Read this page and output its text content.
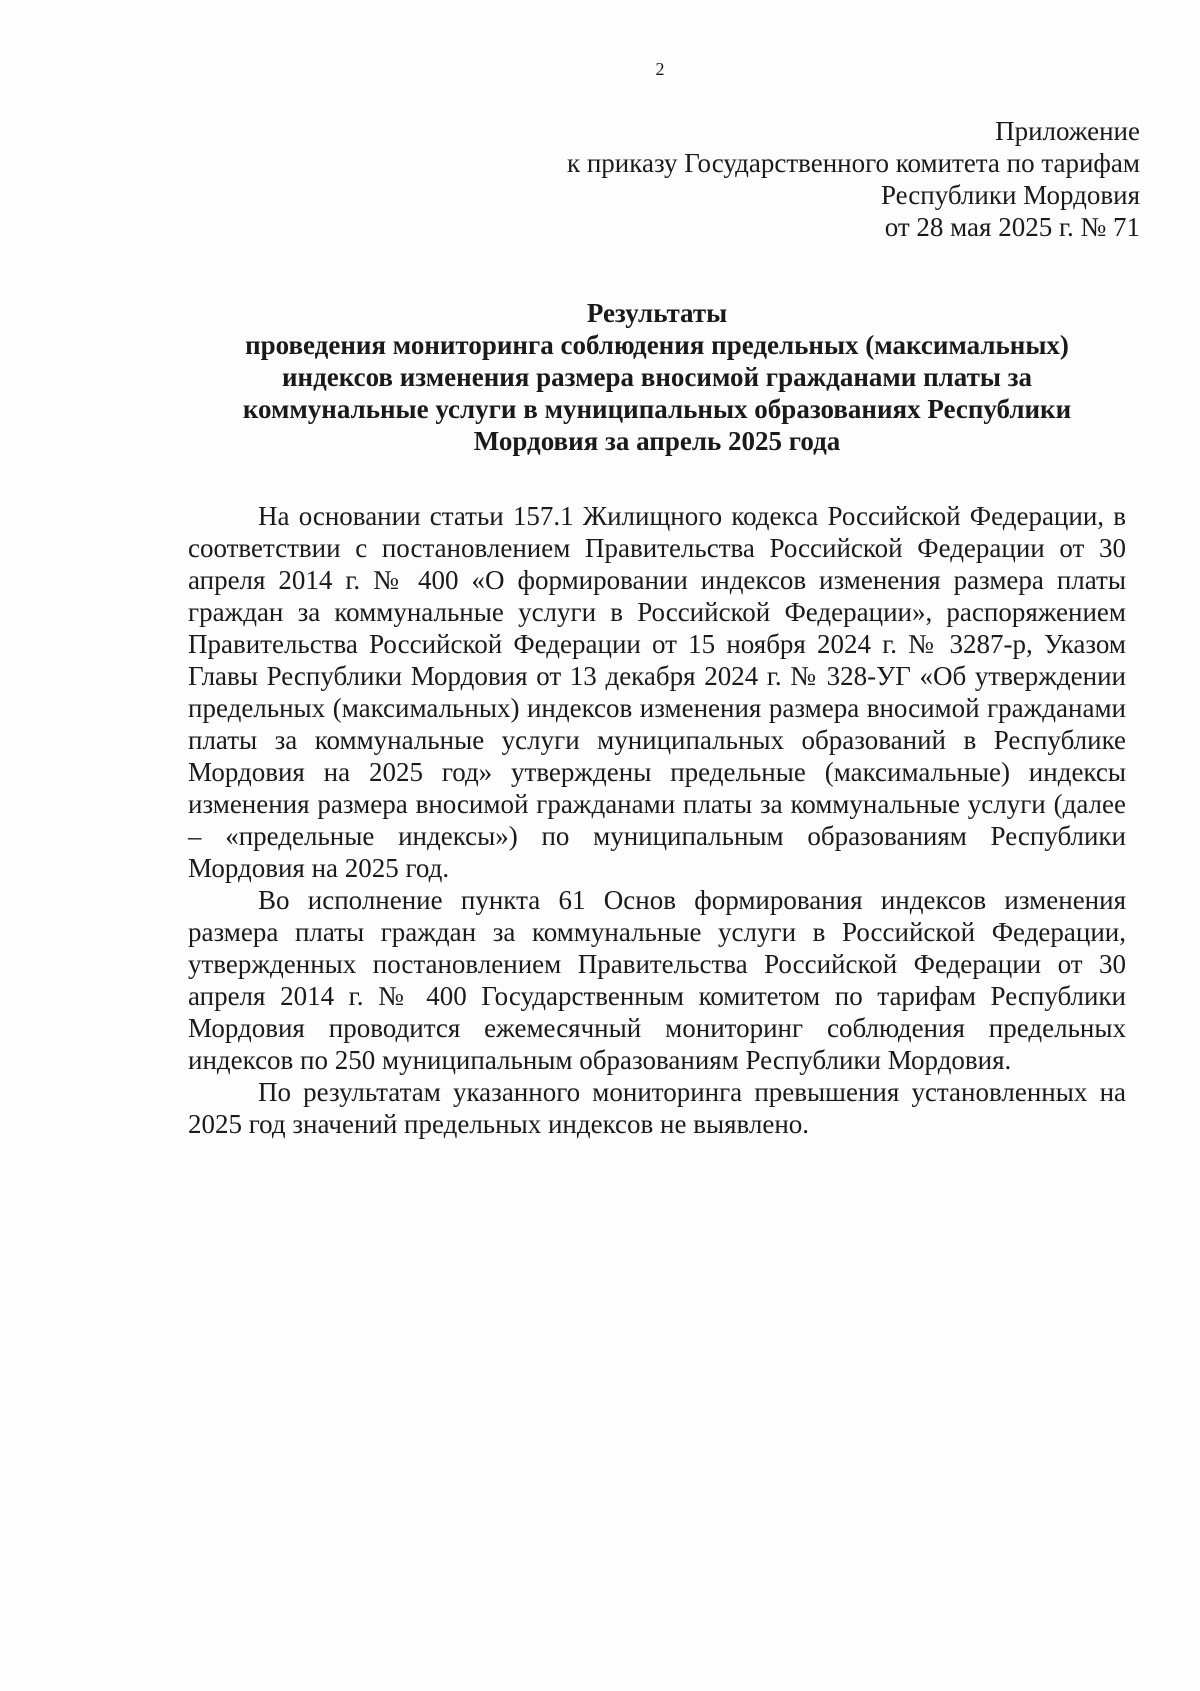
2
Приложение
к приказу Государственного комитета по тарифам
Республики Мордовия
от 28 мая 2025 г. № 71
Результаты
проведения мониторинга соблюдения предельных (максимальных)
индексов изменения размера вносимой гражданами платы за
коммунальные услуги в муниципальных образованиях Республики
Мордовия за апрель 2025 года

На основании статьи 157.1 Жилищного кодекса Российской Федерации, в соответствии с постановлением Правительства Российской Федерации от 30 апреля 2014 г. № 400 «О формировании индексов изменения размера платы граждан за коммунальные услуги в Российской Федерации», распоряжением Правительства Российской Федерации от 15 ноября 2024 г. № 3287-р, Указом Главы Республики Мордовия от 13 декабря 2024 г. № 328-УГ «Об утверждении предельных (максимальных) индексов изменения размера вносимой гражданами платы за коммунальные услуги муниципальных образований в Республике Мордовия на 2025 год» утверждены предельные (максимальные) индексы изменения размера вносимой гражданами платы за коммунальные услуги (далее – «предельные индексы») по муниципальным образованиям Республики Мордовия на 2025 год.

Во исполнение пункта 61 Основ формирования индексов изменения размера платы граждан за коммунальные услуги в Российской Федерации, утвержденных постановлением Правительства Российской Федерации от 30 апреля 2014 г. № 400 Государственным комитетом по тарифам Республики Мордовия проводится ежемесячный мониторинг соблюдения предельных индексов по 250 муниципальным образованиям Республики Мордовия.

По результатам указанного мониторинга превышения установленных на 2025 год значений предельных индексов не выявлено.
